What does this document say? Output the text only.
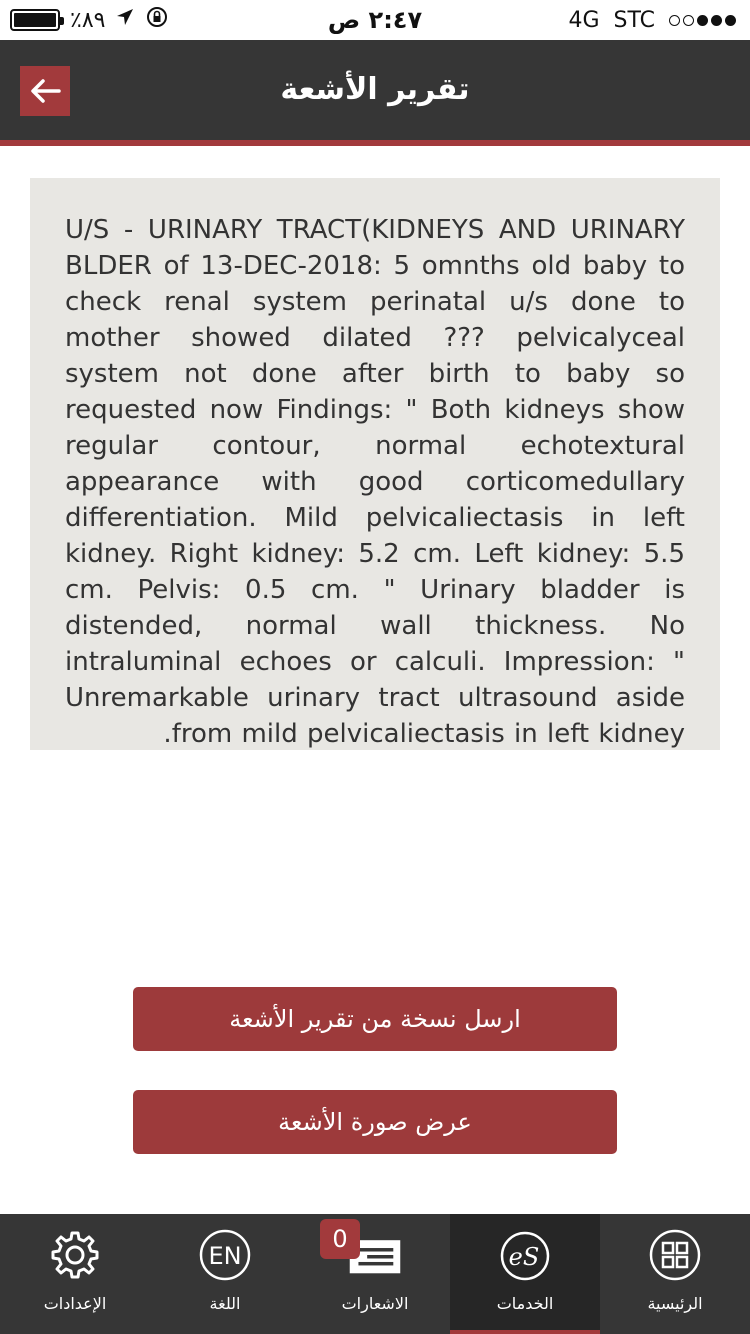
٪٨٩	٢:٤٧ ص	4G STC
تقرير الأشعة

U/S - URINARY TRACT(KIDNEYS AND URINARY BLDER of 13-DEC-2018: 5 omnths old baby to check renal system perinatal u/s done to mother showed dilated ??? pelvicalyceal system not done after birth to baby so requested now Findings: " Both kidneys show regular contour, normal echotextural appearance with good corticomedullary differentiation. Mild pelvicaliectasis in left kidney. Right kidney: 5.2 cm. Left kidney: 5.5 cm. Pelvis: 0.5 cm. " Urinary bladder is distended, normal wall thickness. No intraluminal echoes or calculi. Impression: " Unremarkable urinary tract ultrasound aside from mild pelvicaliectasis in left kidney.

ارسل نسخة من تقرير الأشعة
عرض صورة الأشعة
الإعدادات
EN
اللغة	الاشعارات
eS
الخدمات	الرئيسية
0
